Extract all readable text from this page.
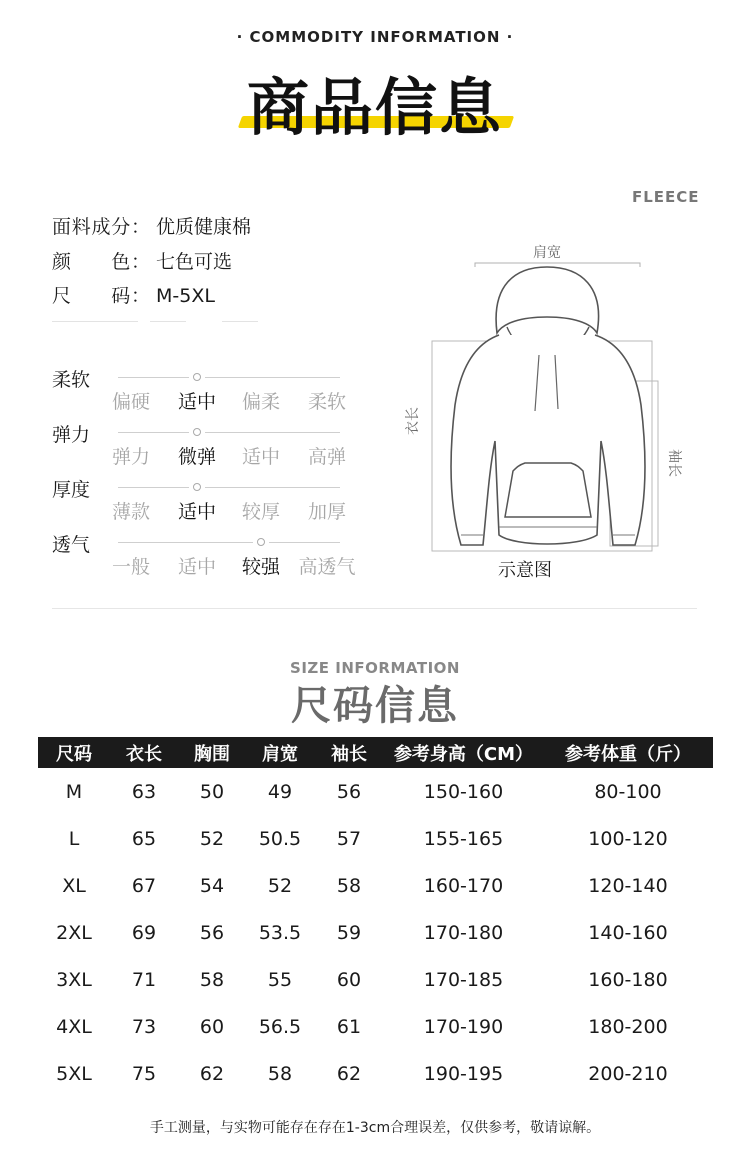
· COMMODITY INFORMATION ·
商品信息
面料成分： 优质健康棉
颜　　色： 七色可选
尺　　码： M-5XL
柔软
偏硬	适中	偏柔	柔软
弹力
弹力	微弹	适中	高弹
厚度
薄款	适中	较厚	加厚
透气
一般	适中	较强 高透气
FLEECE
肩宽
衣长
袖长
示意图
SIZE INFORMATION
尺码信息
尺码	衣长	胸围	肩宽	袖长	参考身高（CM）	参考体重（斤）
M	63	50	49	56	150-160	80-100
L	65	52	50.5	57	155-165	100-120
XL	67	54	52	58	160-170	120-140
2XL	69	56	53.5	59	170-180	140-160
3XL	71	58	55	60	170-185	160-180
4XL	73	60	56.5	61	170-190	180-200
5XL	75	62	58	62	190-195	200-210
手工测量，与实物可能存在存在1-3cm合理误差，仅供参考，敬请谅解。
